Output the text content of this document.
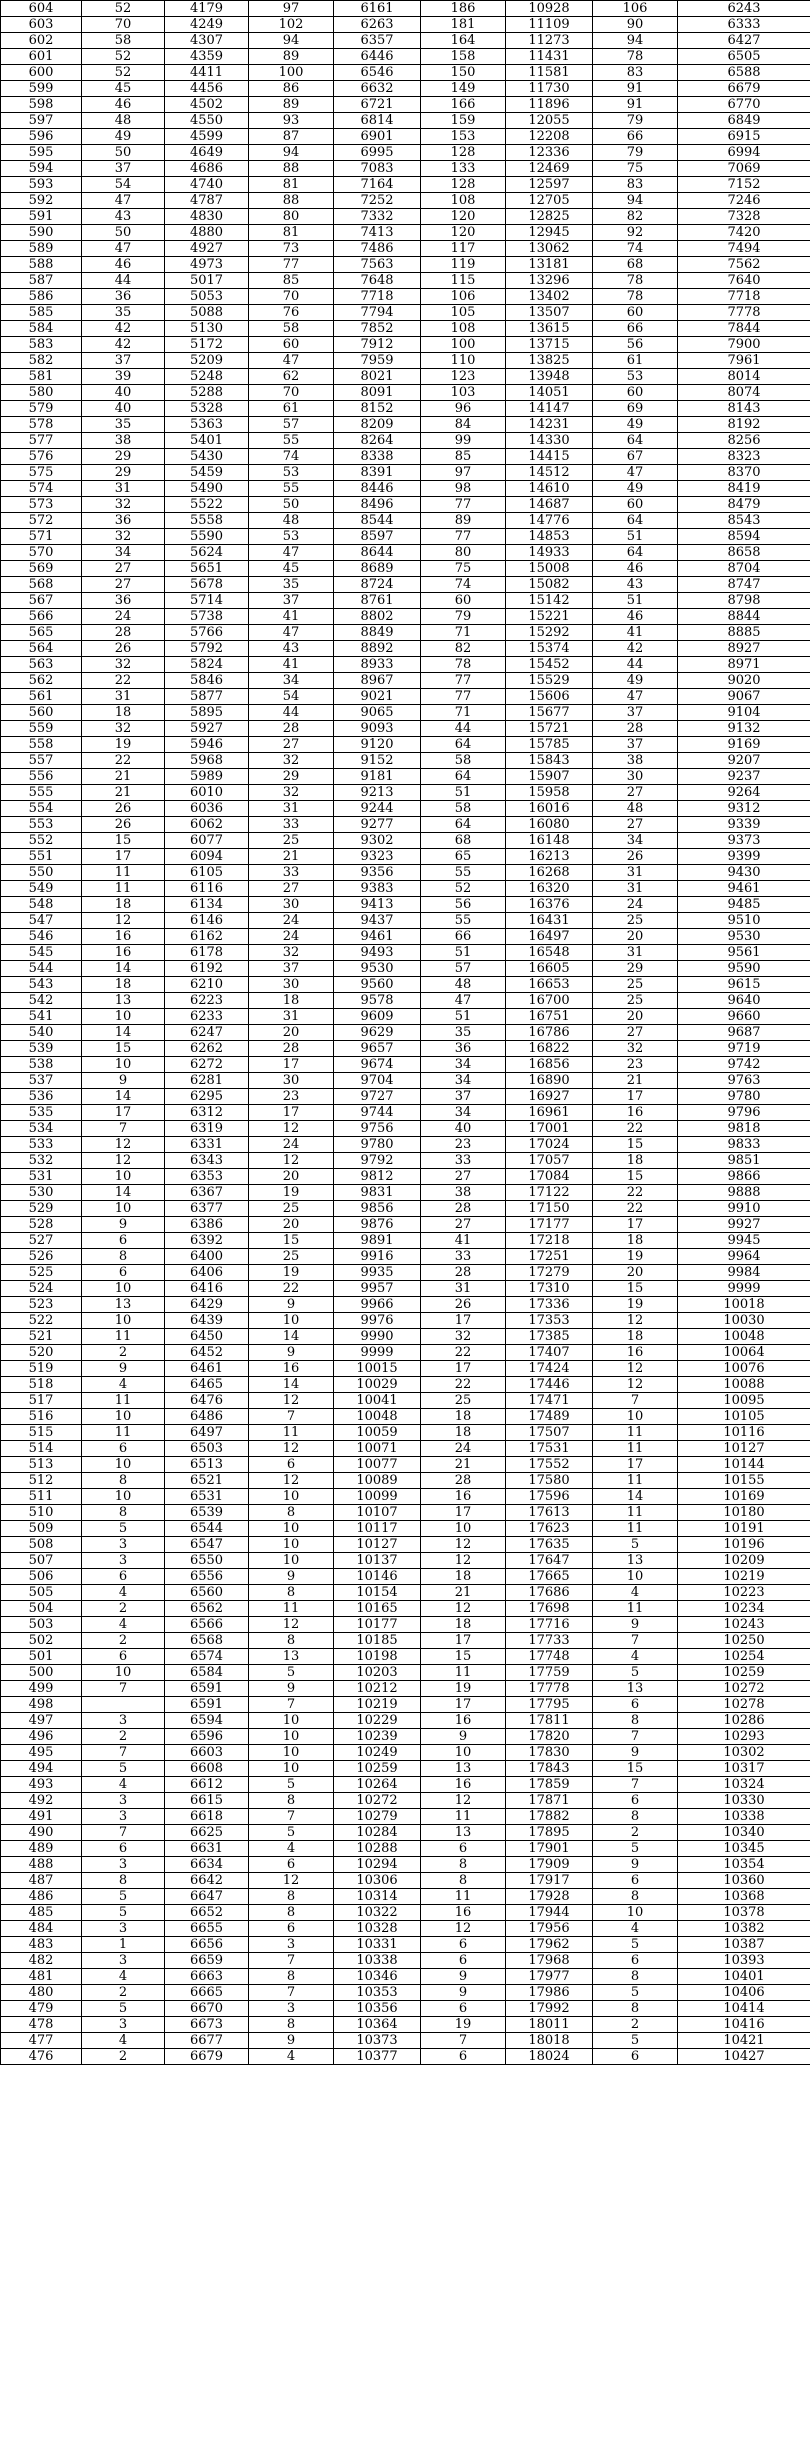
604	52	4179	97	6161	186	10928	106	6243
603	70	4249	102	6263	181	11109	90	6333
602	58	4307	94	6357	164	11273	94	6427
601	52	4359	89	6446	158	11431	78	6505
600	52	4411	100	6546	150	11581	83	6588
599	45	4456	86	6632	149	11730	91	6679
598	46	4502	89	6721	166	11896	91	6770
597	48	4550	93	6814	159	12055	79	6849
596	49	4599	87	6901	153	12208	66	6915
595	50	4649	94	6995	128	12336	79	6994
594	37	4686	88	7083	133	12469	75	7069
593	54	4740	81	7164	128	12597	83	7152
592	47	4787	88	7252	108	12705	94	7246
591	43	4830	80	7332	120	12825	82	7328
590	50	4880	81	7413	120	12945	92	7420
589	47	4927	73	7486	117	13062	74	7494
588	46	4973	77	7563	119	13181	68	7562
587	44	5017	85	7648	115	13296	78	7640
586	36	5053	70	7718	106	13402	78	7718
585	35	5088	76	7794	105	13507	60	7778
584	42	5130	58	7852	108	13615	66	7844
583	42	5172	60	7912	100	13715	56	7900
582	37	5209	47	7959	110	13825	61	7961
581	39	5248	62	8021	123	13948	53	8014
580	40	5288	70	8091	103	14051	60	8074
579	40	5328	61	8152	96	14147	69	8143
578	35	5363	57	8209	84	14231	49	8192
577	38	5401	55	8264	99	14330	64	8256
576	29	5430	74	8338	85	14415	67	8323
575	29	5459	53	8391	97	14512	47	8370
574	31	5490	55	8446	98	14610	49	8419
573	32	5522	50	8496	77	14687	60	8479
572	36	5558	48	8544	89	14776	64	8543
571	32	5590	53	8597	77	14853	51	8594
570	34	5624	47	8644	80	14933	64	8658
569	27	5651	45	8689	75	15008	46	8704
568	27	5678	35	8724	74	15082	43	8747
567	36	5714	37	8761	60	15142	51	8798
566	24	5738	41	8802	79	15221	46	8844
565	28	5766	47	8849	71	15292	41	8885
564	26	5792	43	8892	82	15374	42	8927
563	32	5824	41	8933	78	15452	44	8971
562	22	5846	34	8967	77	15529	49	9020
561	31	5877	54	9021	77	15606	47	9067
560	18	5895	44	9065	71	15677	37	9104
559	32	5927	28	9093	44	15721	28	9132
558	19	5946	27	9120	64	15785	37	9169
557	22	5968	32	9152	58	15843	38	9207
556	21	5989	29	9181	64	15907	30	9237
555	21	6010	32	9213	51	15958	27	9264
554	26	6036	31	9244	58	16016	48	9312
553	26	6062	33	9277	64	16080	27	9339
552	15	6077	25	9302	68	16148	34	9373
551	17	6094	21	9323	65	16213	26	9399
550	11	6105	33	9356	55	16268	31	9430
549	11	6116	27	9383	52	16320	31	9461
548	18	6134	30	9413	56	16376	24	9485
547	12	6146	24	9437	55	16431	25	9510
546	16	6162	24	9461	66	16497	20	9530
545	16	6178	32	9493	51	16548	31	9561
544	14	6192	37	9530	57	16605	29	9590
543	18	6210	30	9560	48	16653	25	9615
542	13	6223	18	9578	47	16700	25	9640
541	10	6233	31	9609	51	16751	20	9660
540	14	6247	20	9629	35	16786	27	9687
539	15	6262	28	9657	36	16822	32	9719
538	10	6272	17	9674	34	16856	23	9742
537	9	6281	30	9704	34	16890	21	9763
536	14	6295	23	9727	37	16927	17	9780
535	17	6312	17	9744	34	16961	16	9796
534	7	6319	12	9756	40	17001	22	9818
533	12	6331	24	9780	23	17024	15	9833
532	12	6343	12	9792	33	17057	18	9851
531	10	6353	20	9812	27	17084	15	9866
530	14	6367	19	9831	38	17122	22	9888
529	10	6377	25	9856	28	17150	22	9910
528	9	6386	20	9876	27	17177	17	9927
527	6	6392	15	9891	41	17218	18	9945
526	8	6400	25	9916	33	17251	19	9964
525	6	6406	19	9935	28	17279	20	9984
524	10	6416	22	9957	31	17310	15	9999
523	13	6429	9	9966	26	17336	19	10018
522	10	6439	10	9976	17	17353	12	10030
521	11	6450	14	9990	32	17385	18	10048
520	2	6452	9	9999	22	17407	16	10064
519	9	6461	16	10015	17	17424	12	10076
518	4	6465	14	10029	22	17446	12	10088
517	11	6476	12	10041	25	17471	7	10095
516	10	6486	7	10048	18	17489	10	10105
515	11	6497	11	10059	18	17507	11	10116
514	6	6503	12	10071	24	17531	11	10127
513	10	6513	6	10077	21	17552	17	10144
512	8	6521	12	10089	28	17580	11	10155
511	10	6531	10	10099	16	17596	14	10169
510	8	6539	8	10107	17	17613	11	10180
509	5	6544	10	10117	10	17623	11	10191
508	3	6547	10	10127	12	17635	5	10196
507	3	6550	10	10137	12	17647	13	10209
506	6	6556	9	10146	18	17665	10	10219
505	4	6560	8	10154	21	17686	4	10223
504	2	6562	11	10165	12	17698	11	10234
503	4	6566	12	10177	18	17716	9	10243
502	2	6568	8	10185	17	17733	7	10250
501	6	6574	13	10198	15	17748	4	10254
500	10	6584	5	10203	11	17759	5	10259
499	7	6591	9	10212	19	17778	13	10272
498		6591	7	10219	17	17795	6	10278
497	3	6594	10	10229	16	17811	8	10286
496	2	6596	10	10239	9	17820	7	10293
495	7	6603	10	10249	10	17830	9	10302
494	5	6608	10	10259	13	17843	15	10317
493	4	6612	5	10264	16	17859	7	10324
492	3	6615	8	10272	12	17871	6	10330
491	3	6618	7	10279	11	17882	8	10338
490	7	6625	5	10284	13	17895	2	10340
489	6	6631	4	10288	6	17901	5	10345
488	3	6634	6	10294	8	17909	9	10354
487	8	6642	12	10306	8	17917	6	10360
486	5	6647	8	10314	11	17928	8	10368
485	5	6652	8	10322	16	17944	10	10378
484	3	6655	6	10328	12	17956	4	10382
483	1	6656	3	10331	6	17962	5	10387
482	3	6659	7	10338	6	17968	6	10393
481	4	6663	8	10346	9	17977	8	10401
480	2	6665	7	10353	9	17986	5	10406
479	5	6670	3	10356	6	17992	8	10414
478	3	6673	8	10364	19	18011	2	10416
477	4	6677	9	10373	7	18018	5	10421
476	2	6679	4	10377	6	18024	6	10427
